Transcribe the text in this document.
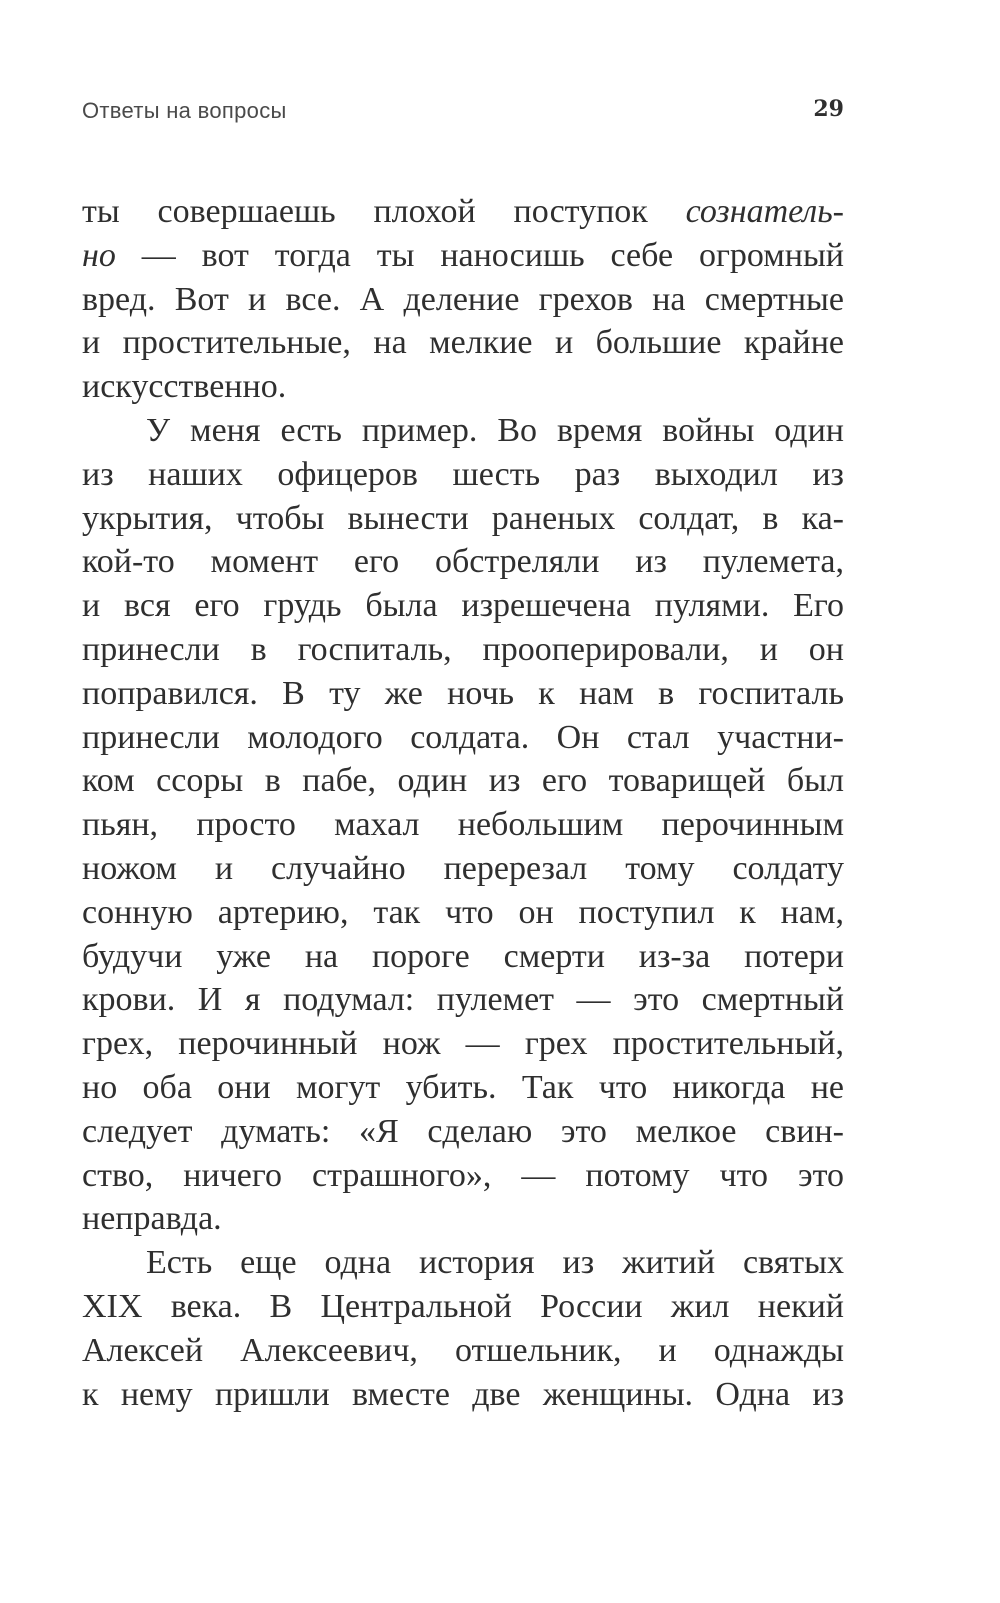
Ответы на вопросы	29
ты совершаешь плохой поступок сознатель-
но — вот тогда ты наносишь себе огромный
вред. Вот и все. А деление грехов на смертные
и простительные, на мелкие и большие крайне
искусственно.
У меня есть пример. Во время войны один
из наших офицеров шесть раз выходил из
укрытия, чтобы вынести раненых солдат, в ка-
кой-то момент его обстреляли из пулемета,
и вся его грудь была изрешечена пулями. Его
принесли в госпиталь, прооперировали, и он
поправился. В ту же ночь к нам в госпиталь
принесли молодого солдата. Он стал участни-
ком ссоры в пабе, один из его товарищей был
пьян, просто махал небольшим перочинным
ножом и случайно перерезал тому солдату
сонную артерию, так что он поступил к нам,
будучи уже на пороге смерти из-за потери
крови. И я подумал: пулемет — это смертный
грех, перочинный нож — грех простительный,
но оба они могут убить. Так что никогда не
следует думать: «Я сделаю это мелкое свин-
ство, ничего страшного», — потому что это
неправда.
Есть еще одна история из житий святых
XIX века. В Центральной России жил некий
Алексей Алексеевич, отшельник, и однажды
к нему пришли вместе две женщины. Одна из
